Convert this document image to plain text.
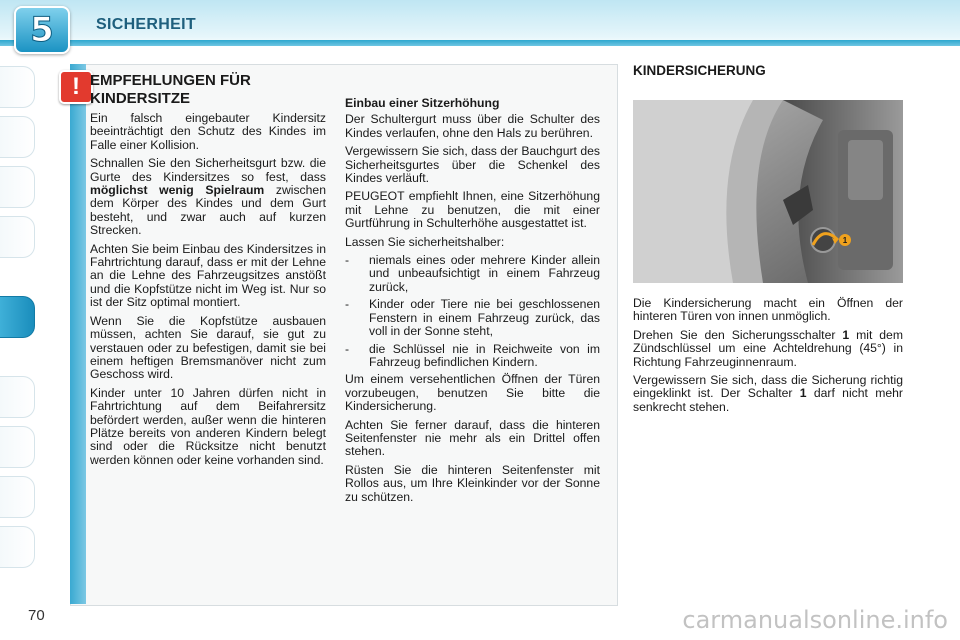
5	SICHERHEIT
70
! EMPFEHLUNGEN FÜR KINDERSITZE

Ein falsch eingebauter Kindersitz beeinträchtigt den Schutz des Kindes im Falle einer Kollision.

Schnallen Sie den Sicherheitsgurt bzw. die Gurte des Kindersitzes so fest, dass möglichst wenig Spielraum zwischen dem Körper des Kindes und dem Gurt besteht, und zwar auch auf kurzen Strecken.

Achten Sie beim Einbau des Kindersitzes in Fahrtrichtung darauf, dass er mit der Lehne an die Lehne des Fahrzeugsitzes anstößt und die Kopfstütze nicht im Weg ist. Nur so ist der Sitz optimal montiert.

Wenn Sie die Kopfstütze ausbauen müssen, achten Sie darauf, sie gut zu verstauen oder zu befestigen, damit sie bei einem heftigen Bremsmanöver nicht zum Geschoss wird.

Kinder unter 10 Jahren dürfen nicht in Fahrtrichtung auf dem Beifahrersitz befördert werden, außer wenn die hinteren Plätze bereits von anderen Kindern belegt sind oder die Rücksitze nicht benutzt werden können oder keine vorhanden sind.

Einbau einer Sitzerhöhung

Der Schultergurt muss über die Schulter des Kindes verlaufen, ohne den Hals zu berühren.

Vergewissern Sie sich, dass der Bauchgurt des Sicherheitsgurtes über die Schenkel des Kindes verläuft.

PEUGEOT empfiehlt Ihnen, eine Sitzerhöhung mit Lehne zu benutzen, die mit einer Gurtführung in Schulterhöhe ausgestattet ist.

Lassen Sie sicherheitshalber:

-	niemals eines oder mehrere Kinder allein und unbeaufsichtigt in einem Fahrzeug zurück,
-	Kinder oder Tiere nie bei geschlossenen Fenstern in einem Fahrzeug zurück, das voll in der Sonne steht,
-	die Schlüssel nie in Reichweite von im Fahrzeug befindlichen Kindern.

Um einem versehentlichen Öffnen der Türen vorzubeugen, benutzen Sie bitte die Kindersicherung.

Achten Sie ferner darauf, dass die hinteren Seitenfenster nie mehr als ein Drittel offen stehen.

Rüsten Sie die hinteren Seitenfenster mit Rollos aus, um Ihre Kleinkinder vor der Sonne zu schützen.

KINDERSICHERUNG
1

Die Kindersicherung macht ein Öffnen der hinteren Türen von innen unmöglich.

Drehen Sie den Sicherungsschalter 1 mit dem Zündschlüssel um eine Achteldrehung (45°) in Richtung Fahrzeuginnenraum.

Vergewissern Sie sich, dass die Sicherung richtig eingeklinkt ist. Der Schalter 1 darf nicht mehr senkrecht stehen.

carmanualsonline.info
